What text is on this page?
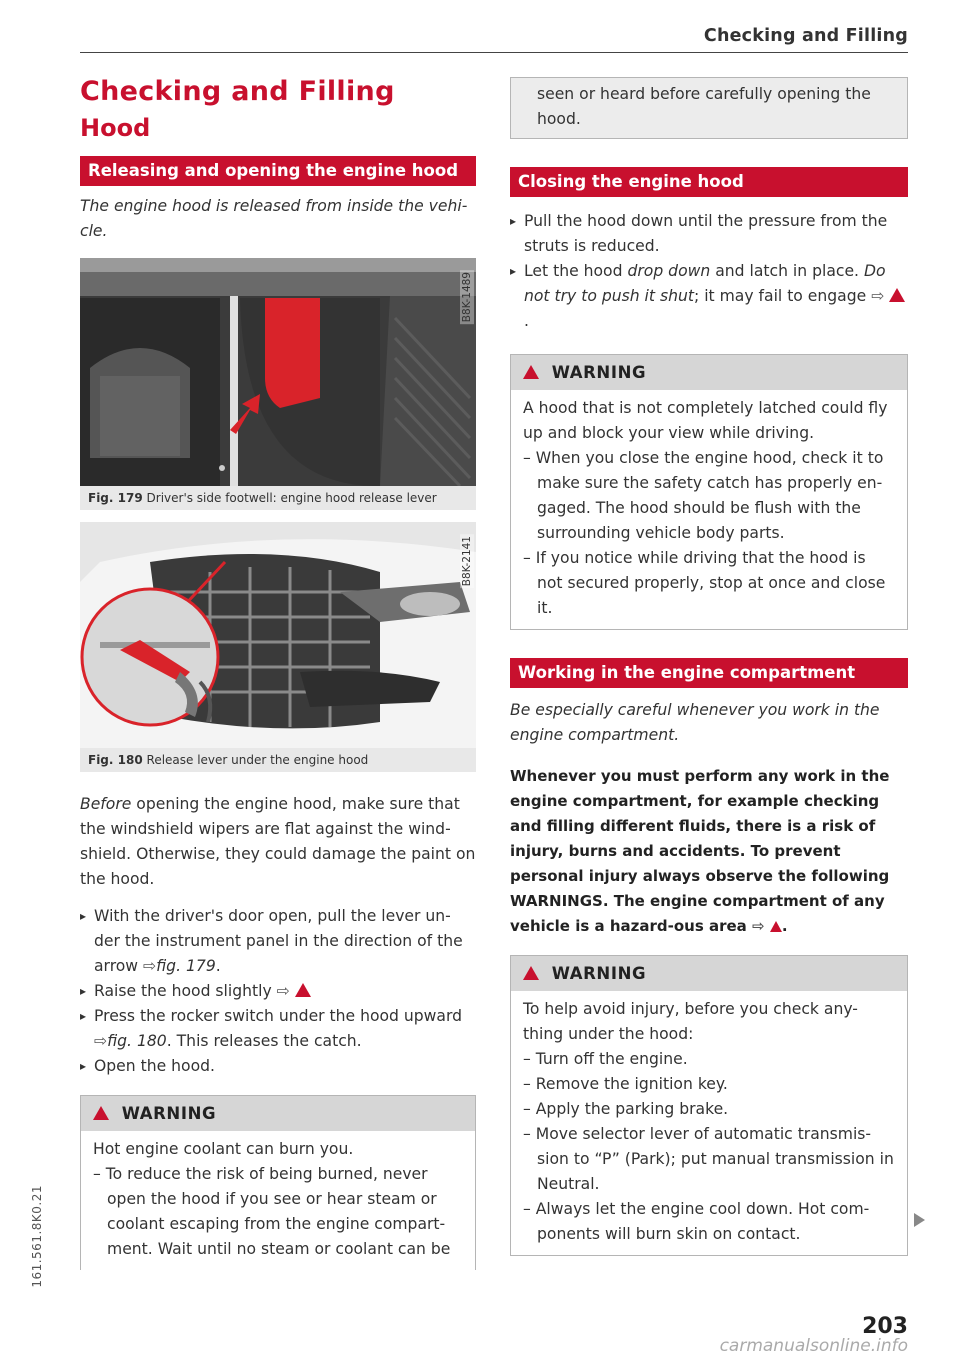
Checking and Filling
Checking and Filling
Hood
Releasing and opening the engine hood
The engine hood is released from inside the vehi-cle.
B8K-1489
Fig. 179 Driver's side footwell: engine hood release lever
B8K-2141
Fig. 180 Release lever under the engine hood

Before opening the engine hood, make sure that the windshield wipers are flat against the wind-shield. Otherwise, they could damage the paint on the hood.

▸ With the driver's door open, pull the lever un-der the instrument panel in the direction of the arrow ⇨fig. 179.
▸ Raise the hood slightly ⇨
▸ Press the rocker switch under the hood upward ⇨fig. 180. This releases the catch.
▸ Open the hood.
WARNING

Hot engine coolant can burn you.

– To reduce the risk of being burned, never open the hood if you see or hear steam or coolant escaping from the engine compart-ment. Wait until no steam or coolant can be

seen or heard before carefully opening the hood.

Closing the engine hood
▸ Pull the hood down until the pressure from the struts is reduced.
▸ Let the hood drop down and latch in place. Do not try to push it shut; it may fail to engage ⇨ .
WARNING

A hood that is not completely latched could fly up and block your view while driving.

– When you close the engine hood, check it to make sure the safety catch has properly en-gaged. The hood should be flush with the surrounding vehicle body parts.

– If you notice while driving that the hood is not secured properly, stop at once and close it.

Working in the engine compartment
Be especially careful whenever you work in the engine compartment.

Whenever you must perform any work in the engine compartment, for example checking and filling different fluids, there is a risk of injury, burns and accidents. To prevent personal injury always observe the following WARNINGS. The engine compartment of any vehicle is a hazard-ous area ⇨ .

WARNING

To help avoid injury, before you check any-thing under the hood:

– Turn off the engine.

– Remove the ignition key.

– Apply the parking brake.

– Move selector lever of automatic transmis-sion to “P” (Park); put manual transmission in Neutral.

– Always let the engine cool down. Hot com-ponents will burn skin on contact.

161.561.8K0.21
203
carmanualsonline.info
